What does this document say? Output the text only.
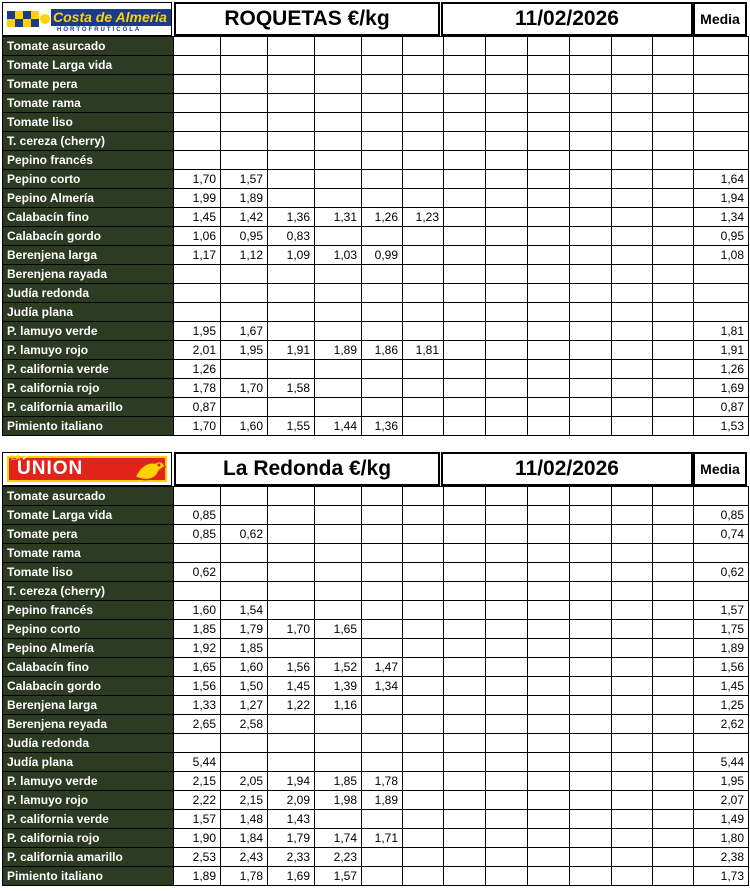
Costa de Almería
HORTOFRUTICOLA	ROQUETAS €/kg	11/02/2026	Media
Tomate asurcado													
Tomate Larga vida													
Tomate pera													
Tomate rama													
Tomate liso													
T. cereza (cherry)													
Pepino francés													
Pepino corto	1,70	1,57											1,64
Pepino Almería	1,99	1,89											1,94
Calabacín fino	1,45	1,42	1,36	1,31	1,26	1,23							1,34
Calabacín gordo	1,06	0,95	0,83										0,95
Berenjena larga	1,17	1,12	1,09	1,03	0,99								1,08
Berenjena rayada													
Judía redonda													
Judía plana													
P. lamuyo verde	1,95	1,67											1,81
P. lamuyo rojo	2,01	1,95	1,91	1,89	1,86	1,81							1,91
P. california verde	1,26												1,26
P. california rojo	1,78	1,70	1,58										1,69
P. california amarillo	0,87												0,87
Pimiento italiano	1,70	1,60	1,55	1,44	1,36								1,53
LA
ÚNION	La Redonda €/kg	11/02/2026	Media
Tomate asurcado													
Tomate Larga vida	0,85												0,85
Tomate pera	0,85	0,62											0,74
Tomate rama													
Tomate liso	0,62												0,62
T. cereza (cherry)													
Pepino francés	1,60	1,54											1,57
Pepino corto	1,85	1,79	1,70	1,65									1,75
Pepino Almería	1,92	1,85											1,89
Calabacín fino	1,65	1,60	1,56	1,52	1,47								1,56
Calabacín gordo	1,56	1,50	1,45	1,39	1,34								1,45
Berenjena larga	1,33	1,27	1,22	1,16									1,25
Berenjena reyada	2,65	2,58											2,62
Judía redonda													
Judía plana	5,44												5,44
P. lamuyo verde	2,15	2,05	1,94	1,85	1,78								1,95
P. lamuyo rojo	2,22	2,15	2,09	1,98	1,89								2,07
P. california verde	1,57	1,48	1,43										1,49
P. california rojo	1,90	1,84	1,79	1,74	1,71								1,80
P. california amarillo	2,53	2,43	2,33	2,23									2,38
Pimiento italiano	1,89	1,78	1,69	1,57									1,73
